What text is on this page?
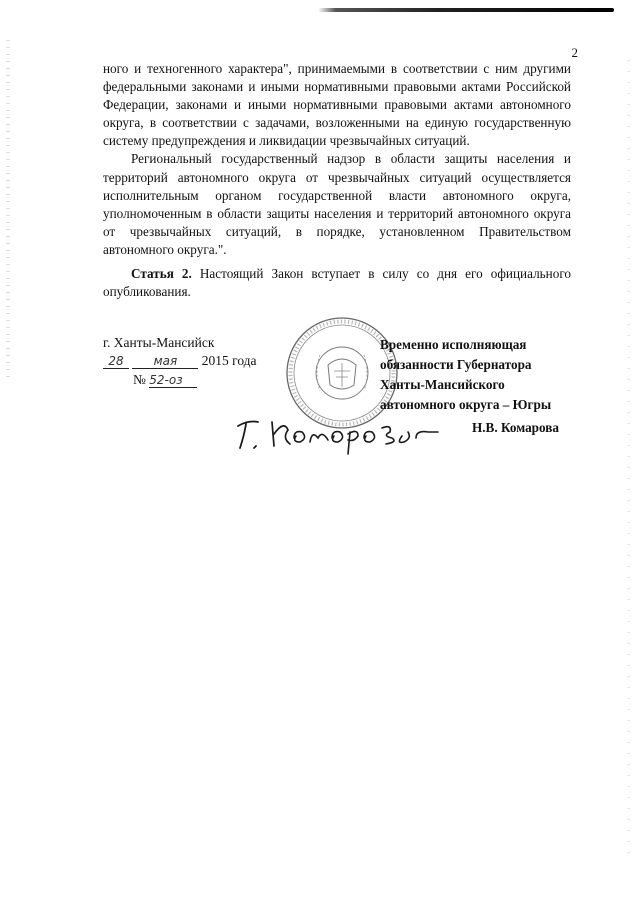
2

ного и техногенного характера", принимаемыми в соответствии с ним другими федеральными законами и иными нормативными правовыми актами Российской Федерации, законами и иными нормативными правовыми актами автономного округа, в соответствии с задачами, возложенными на единую государственную систему предупреждения и ликвидации чрезвычайных ситуаций.

Региональный государственный надзор в области защиты населения и территорий автономного округа от чрезвычайных ситуаций осуществляется исполнительным органом государственной власти автономного округа, уполномоченным в области защиты населения и территорий автономного округа от чрезвычайных ситуаций, в порядке, установленном Правительством автономного округа.".

Статья 2. Настоящий Закон вступает в силу со дня его официального опубликования.
г. Ханты-Мансийск
28 мая 2015 года
№ 52-оз
Временно исполняющая
обязанности Губернатора
Ханты-Мансийского
автономного округа – Югры
Н.В. Комарова
